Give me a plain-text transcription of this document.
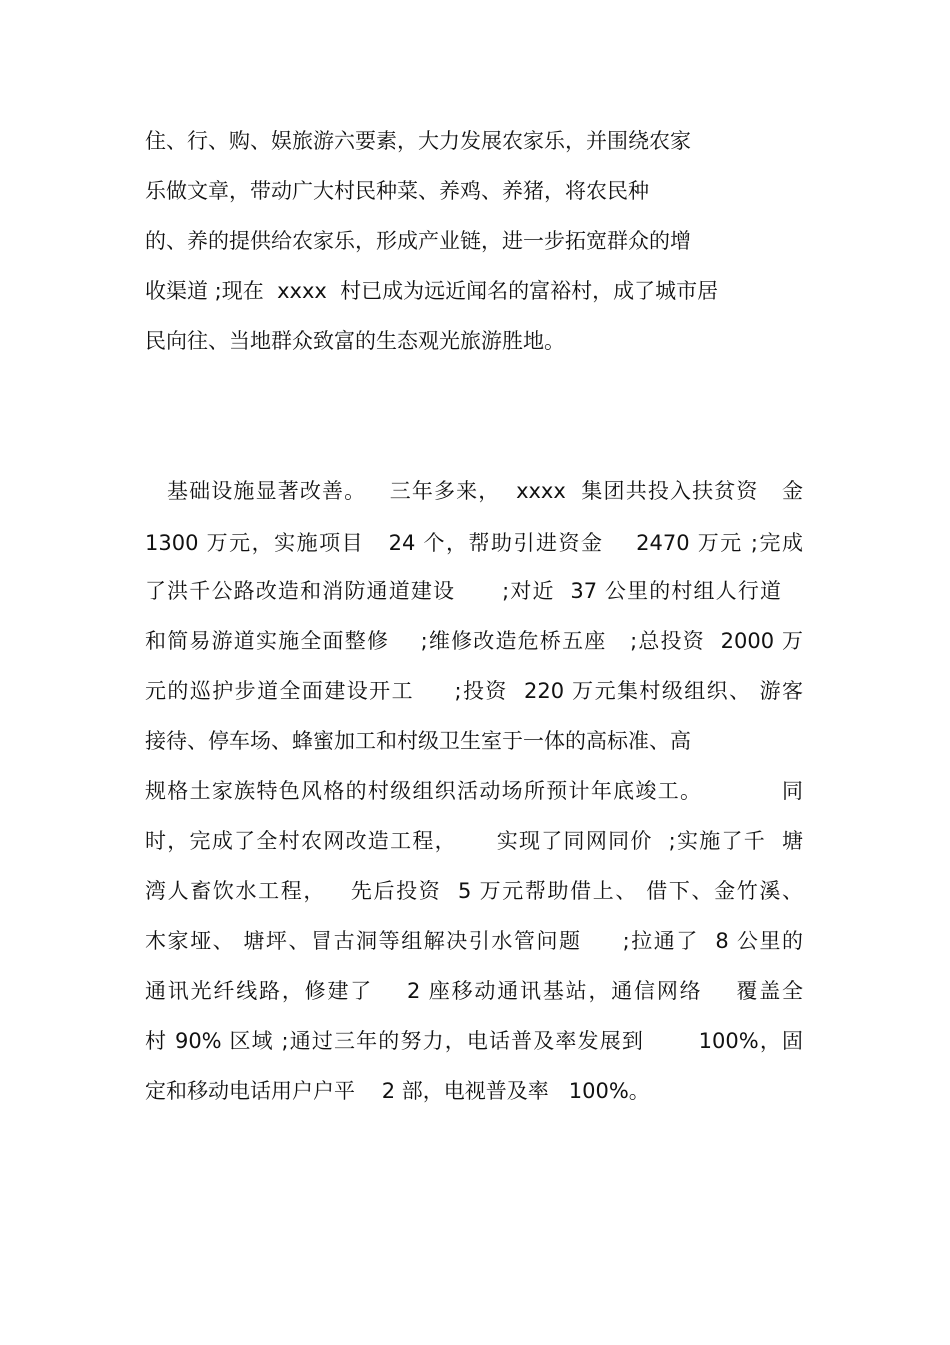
住、行、购、娱旅游六要素，大力发展农家乐，并围绕农家
乐做文章，带动广大村民种菜、养鸡、养猪，将农民种
的、养的提供给农家乐，形成产业链，进一步拓宽群众的增
收渠道 ;现在  xxxx  村已成为远近闻名的富裕村，成了城市居
民向往、当地群众致富的生态观光旅游胜地。
基础设施显著改善。   三年多来，  xxxx  集团共投入扶贫资   金
1300 万元，实施项目   24 个，帮助引进资金    2470 万元 ;完成
了洪千公路改造和消防通道建设      ;对近  37 公里的村组人行道
和简易游道实施全面整修    ;维修改造危桥五座   ;总投资  2000 万
元的巡护步道全面建设开工     ;投资  220 万元集村级组织、 游客
接待、停车场、蜂蜜加工和村级卫生室于一体的高标准、高
规格土家族特色风格的村级组织活动场所预计年底竣工。          同
时，完成了全村农网改造工程，     实现了同网同价  ;实施了千  塘
湾人畜饮水工程，   先后投资  5 万元帮助借上、 借下、金竹溪、
木家垭、 塘坪、冒古洞等组解决引水管问题     ;拉通了  8 公里的
通讯光纤线路，修建了    2 座移动通讯基站，通信网络    覆盖全
村 90% 区域 ;通过三年的努力，电话普及率发展到       100%，固
定和移动电话用户户平    2 部，电视普及率   100%。
